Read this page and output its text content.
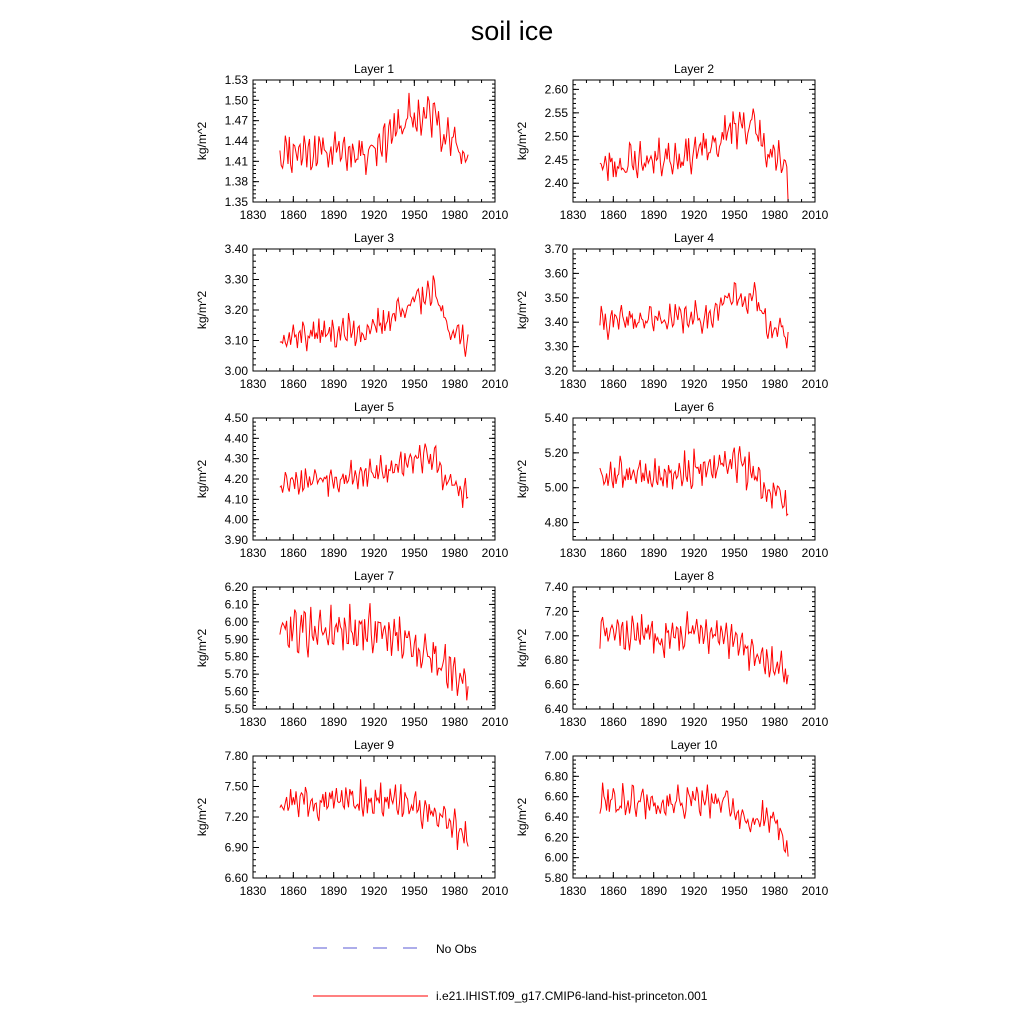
soil ice
1830 1860 1890 1920 1950 1980 2010
1.35
1.38
1.41
1.44
1.47
1.50
1.53
Layer 1
kg/m^2
1830 1860 1890 1920 1950 1980 2010
2.40
2.45
2.50
2.55
2.60
Layer 2
kg/m^2
1830 1860 1890 1920 1950 1980 2010
3.00
3.10
3.20
3.30
3.40
Layer 3
kg/m^2
1830 1860 1890 1920 1950 1980 2010
3.20
3.30
3.40
3.50
3.60
3.70
Layer 4
kg/m^2
1830 1860 1890 1920 1950 1980 2010
3.90
4.00
4.10
4.20
4.30
4.40
4.50
Layer 5
kg/m^2
1830 1860 1890 1920 1950 1980 2010
4.80
5.00
5.20
5.40
Layer 6
kg/m^2
1830 1860 1890 1920 1950 1980 2010
5.50
5.60
5.70
5.80
5.90
6.00
6.10
6.20
Layer 7
kg/m^2
1830 1860 1890 1920 1950 1980 2010
6.40
6.60
6.80
7.00
7.20
7.40
Layer 8
kg/m^2
1830 1860 1890 1920 1950 1980 2010
6.60
6.90
7.20
7.50
7.80
Layer 9
kg/m^2
1830 1860 1890 1920 1950 1980 2010
5.80
6.00
6.20
6.40
6.60
6.80
7.00
Layer 10
kg/m^2
No Obs
i.e21.IHIST.f09_g17.CMIP6-land-hist-princeton.001
